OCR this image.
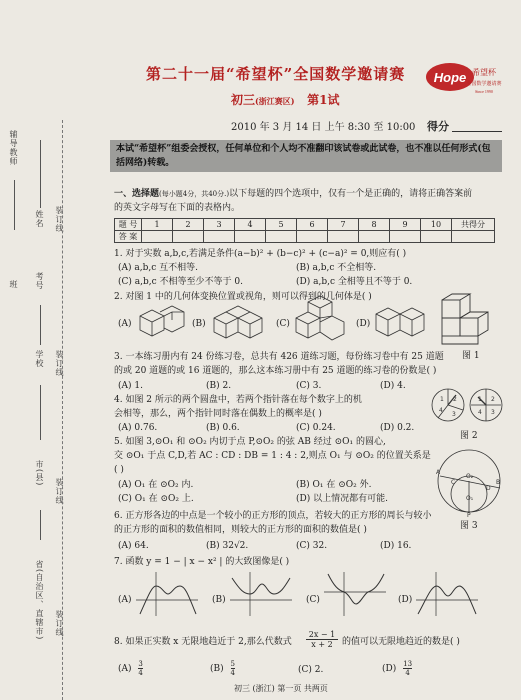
辅导教师
姓名 装订线
班 考号
学校 装订线
市(县)
装订线
省(自治区、直辖市) 装订线
第二十一届“希望杯”全国数学邀请赛
初三(浙江赛区) 第1试
Hope 希望杯
全国数学邀请赛
Since 1990
2010 年 3 月 14 日 上午 8:30 至 10:00 得分
本试“希望杯”组委会授权，任何单位和个人均不准翻印该试卷或此试卷，也不准以任何形式(包括网络)转载。
一、选择题(每小题4分，共40分.)以下每题的四个选项中，仅有一个是正确的，请将正确答案前
的英文字母写在下面的表格内。
题 号	1	2	3	4	5	6	7	8	9	10	共得分
答 案											
1. 对于实数 a,b,c,若满足条件(a−b)² + (b−c)² + (c−a)² = 0,则应有( )
(A) a,b,c 互不相等.	(B) a,b,c 不全相等.
(C) a,b,c 不相等至少不等于 0.	(D) a,b,c 全相等且不等于 0.
2. 对图 1 中的几何体变换位置或视角，则可以得到的几何体是( )
(A)	(B)	(C)	(D)
图 1
3. 一本练习册内有 24 份练习卷，总共有 426 道练习题，每份练习卷中有 25 道题
的或 20 道题的或 16 道题的，那么这本练习册中有 25 道题的练习卷的份数是( )
(A) 1.	(B) 2.	(C) 3.	(D) 4.
4. 如图 2 所示的两个圆盘中，若两个指针落在每个数字上的机
会相等，那么，两个指针同时落在偶数上的概率是( )
(A) 0.76.	(B) 0.6.	(C) 0.24.	(D) 0.2.
1 2
3
4
1 2
3
4
图 2
5. 如图 3,⊙O₁ 和 ⊙O₂ 内切于点 P,⊙O₂ 的弦 AB 经过 ⊙O₁ 的圆心,
交 ⊙O₁ 于点 C,D,若 AC : CD : DB = 1 : 4 : 2,则点 O₁ 与 ⊙O₂ 的位置关系是
( )
(A) O₁ 在 ⊙O₂ 内.	(B) O₁ 在 ⊙O₂ 外.
(C) O₁ 在 ⊙O₂ 上.	(D) 以上情况都有可能.
A
B
C
D
O₂
O₁
P
图 3
6. 正方形各边的中点是一个较小的正方形的顶点，若较大的正方形的周长与较小
的正方形的面积的数值相同，则较大的正方形的面积的数值是( )
(A) 64.	(B) 32√2.	(C) 32.	(D) 16.
7. 函数 y = 1 − | x − x² | 的大致图像是( )
(A)	(B)	(C)	(D)
8. 如果正实数 x 无限地趋近于 2,那么代数式 $\frac{2x - 1}{x + 2}$ 的值可以无限地趋近的数是( )
$(A) \frac{3}{4}$	$(B) \frac{5}{4}$	(C) 2.	$(D) \frac{13}{4}$
初三 (浙江) 第一页 共两页
